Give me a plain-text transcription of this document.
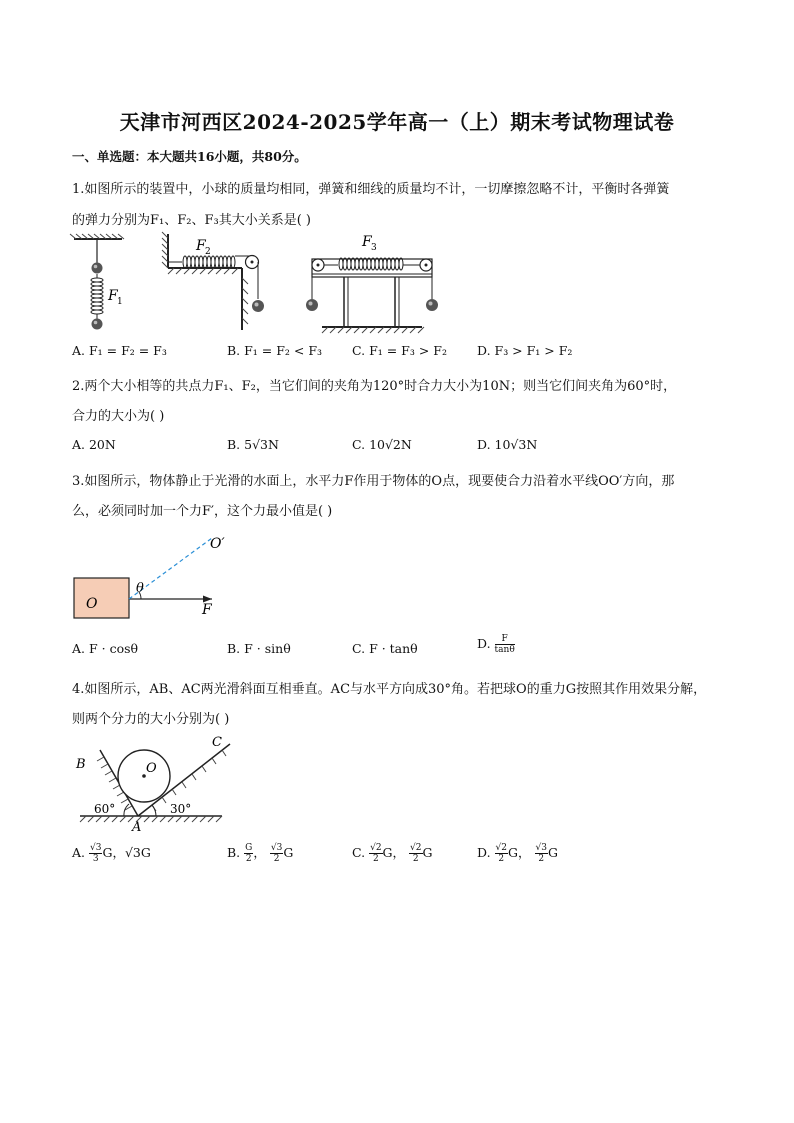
天津市河西区2024-2025学年高一（上）期末考试物理试卷
一、单选题：本大题共16小题，共80分。
1.如图所示的装置中，小球的质量均相同，弹簧和细线的质量均不计，一切摩擦忽略不计，平衡时各弹簧
的弹力分别为F₁、F₂、F₃其大小关系是( )
F 1
F 2
F 3
A. F₁ = F₂ = F₃	B. F₁ = F₂ < F₃ C. F₁ = F₃ > F₂ D. F₃ > F₁ > F₂
2.两个大小相等的共点力F₁、F₂，当它们间的夹角为120°时合力大小为10N；则当它们间夹角为60°时，
合力的大小为( )
A. 20N	B. 5√3N	C. 10√2N	D. 10√3N
3.如图所示，物体静止于光滑的水面上，水平力F作用于物体的O点，现要使合力沿着水平线OO′方向，那
么，必须同时加一个力F′，这个力最小值是( )
O
θ
F
O′
A. F · cosθ	B. F · sinθ	C. F · tanθ	D. $\frac{F}{\tan\theta}$
4.如图所示，AB、AC两光滑斜面互相垂直。AC与水平方向成30°角。若把球O的重力G按照其作用效果分解，
则两个分力的大小分别为( )
O
B
C
A
60°	30°
A. $\frac{√3}{3}$ G，√3G	B. $\frac{G}{2}$ ， $\frac{√3}{2}$ G	C. $\frac{√2}{2}$ G， $\frac{√2}{2}$ G	D. $\frac{√2}{2}$ G， $\frac{√3}{2}$ G
